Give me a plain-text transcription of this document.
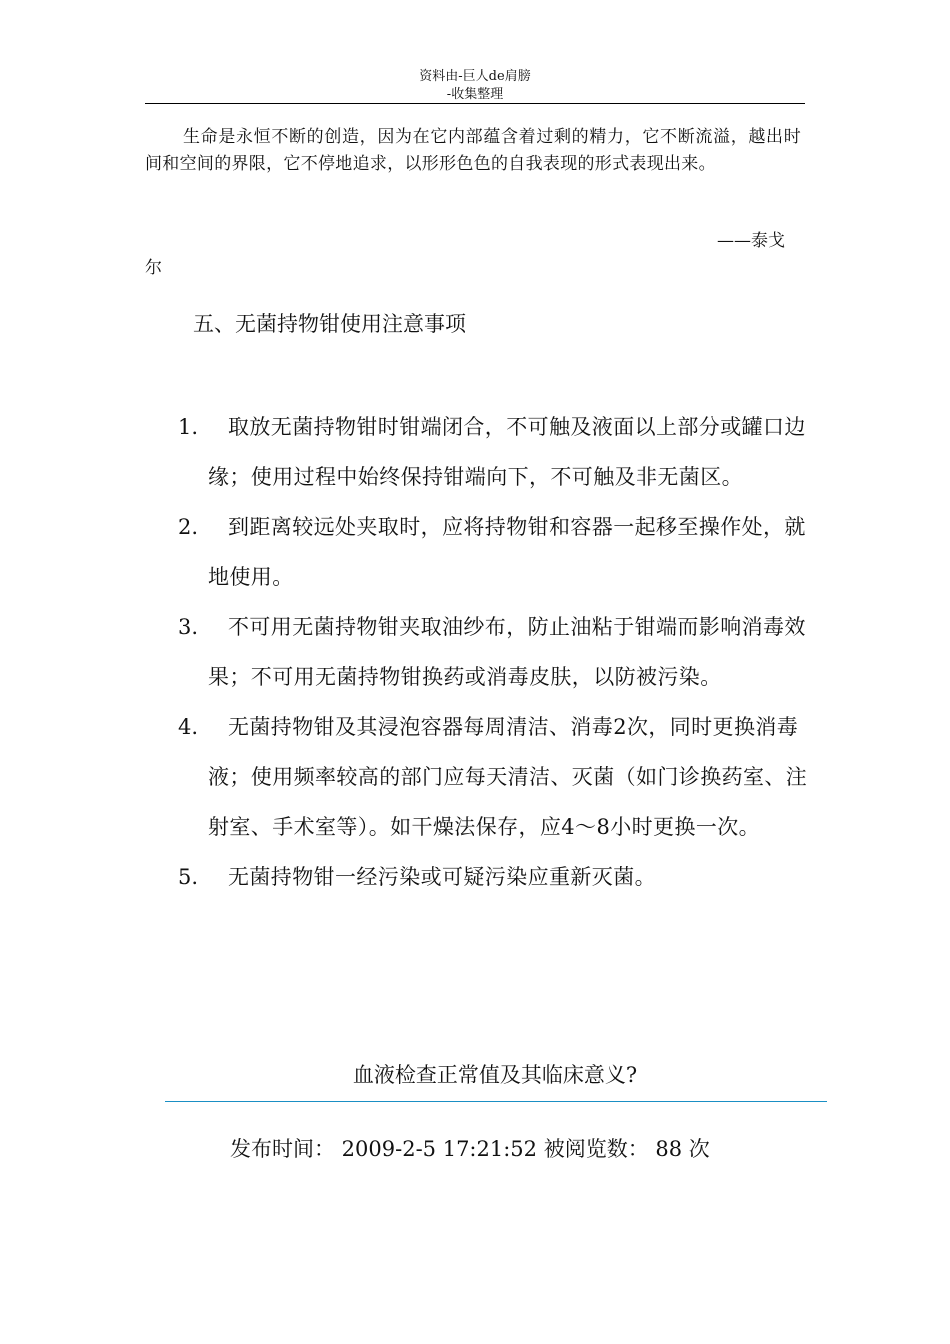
资料由-巨人de肩膀
-收集整理

生命是永恒不断的创造，因为在它内部蕴含着过剩的精力，它不断流溢，越出时间和空间的界限，它不停地追求，以形形色色的自我表现的形式表现出来。

——泰戈
尔
五、无菌持物钳使用注意事项
1.	取放无菌持物钳时钳端闭合，不可触及液面以上部分或罐口边缘；使用过程中始终保持钳端向下，不可触及非无菌区。
2.	到距离较远处夹取时，应将持物钳和容器一起移至操作处，就地使用。
3.	不可用无菌持物钳夹取油纱布，防止油粘于钳端而影响消毒效果；不可用无菌持物钳换药或消毒皮肤，以防被污染。
4.	无菌持物钳及其浸泡容器每周清洁、消毒2次，同时更换消毒液；使用频率较高的部门应每天清洁、灭菌（如门诊换药室、注射室、手术室等）。如干燥法保存，应4～8小时更换一次。
5.	无菌持物钳一经污染或可疑污染应重新灭菌。
血液检查正常值及其临床意义?
发布时间： 2009-2-5 17:21:52 被阅览数： 88 次
